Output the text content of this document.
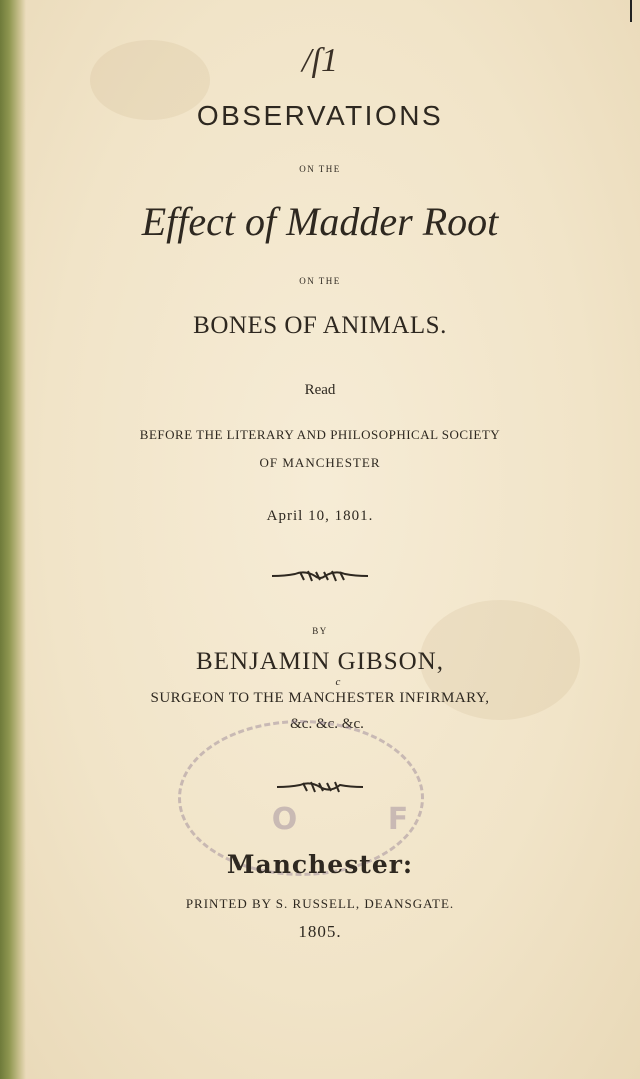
/ſ1
OBSERVATIONS
ON THE
Effect of Madder Root
ON THE
BONES OF ANIMALS.
Read
BEFORE THE LITERARY AND PHILOSOPHICAL SOCIETY
OF MANCHESTER
April 10, 1801.
BY
BENJAMIN GIBSON,
c
SURGEON TO THE MANCHESTER INFIRMARY,
&c. &c. &c.
O F
Manchester:
PRINTED BY S. RUSSELL, DEANSGATE.
1805.
